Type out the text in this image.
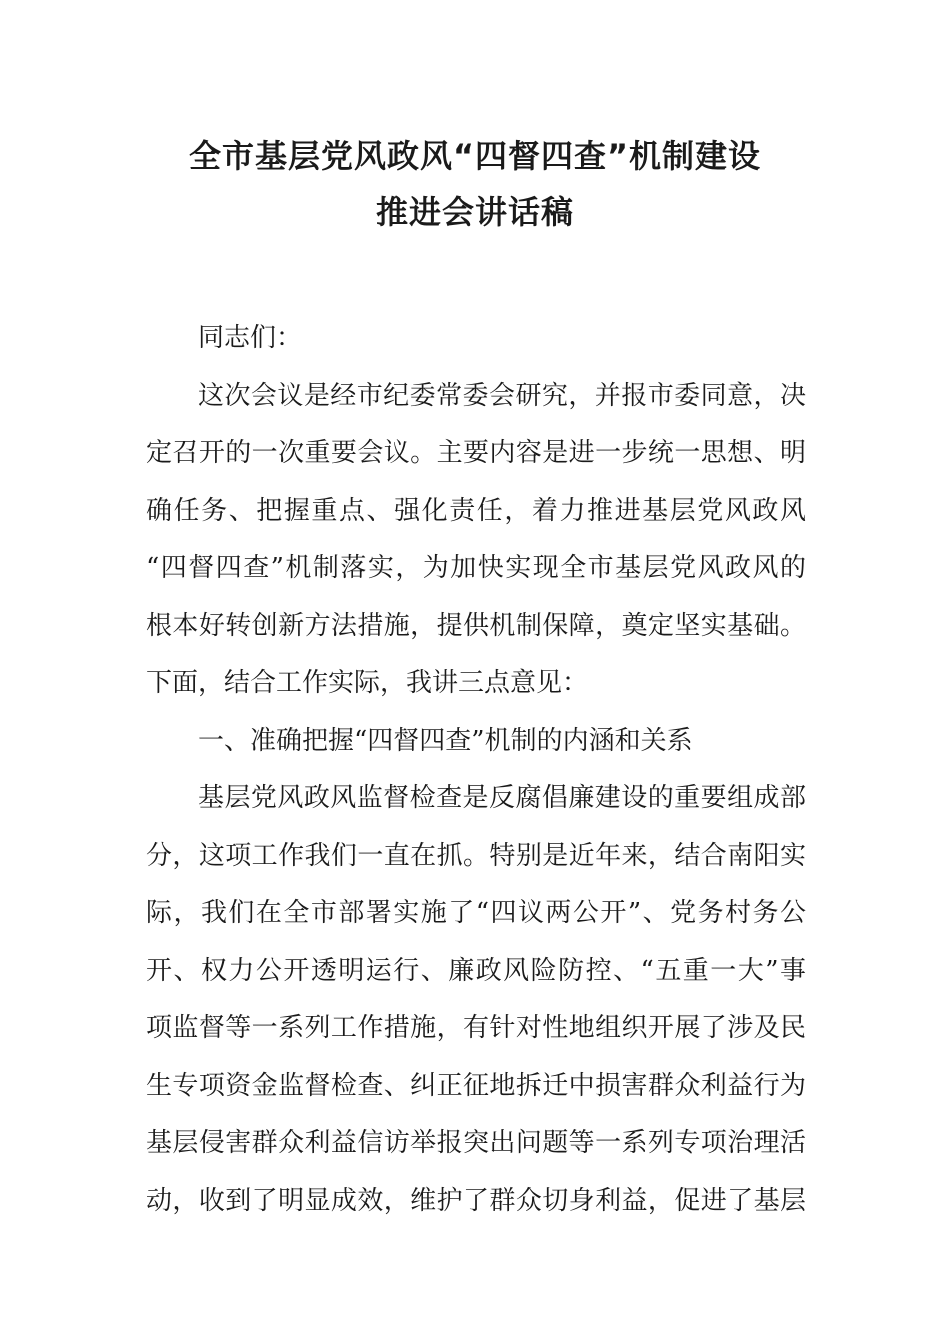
全市基层党风政风“四督四查”机制建设
推进会讲话稿
同志们：
这次会议是经市纪委常委会研究，并报市委同意，决
定召开的一次重要会议。主要内容是进一步统一思想、明
确任务、把握重点、强化责任，着力推进基层党风政风
“四督四查”机制落实，为加快实现全市基层党风政风的
根本好转创新方法措施，提供机制保障，奠定坚实基础。
下面，结合工作实际，我讲三点意见：
一、准确把握“四督四查”机制的内涵和关系
基层党风政风监督检查是反腐倡廉建设的重要组成部
分，这项工作我们一直在抓。特别是近年来，结合南阳实
际，我们在全市部署实施了“四议两公开”、党务村务公
开、权力公开透明运行、廉政风险防控、“五重一大”事
项监督等一系列工作措施，有针对性地组织开展了涉及民
生专项资金监督检查、纠正征地拆迁中损害群众利益行为
基层侵害群众利益信访举报突出问题等一系列专项治理活
动，收到了明显成效，维护了群众切身利益，促进了基层
